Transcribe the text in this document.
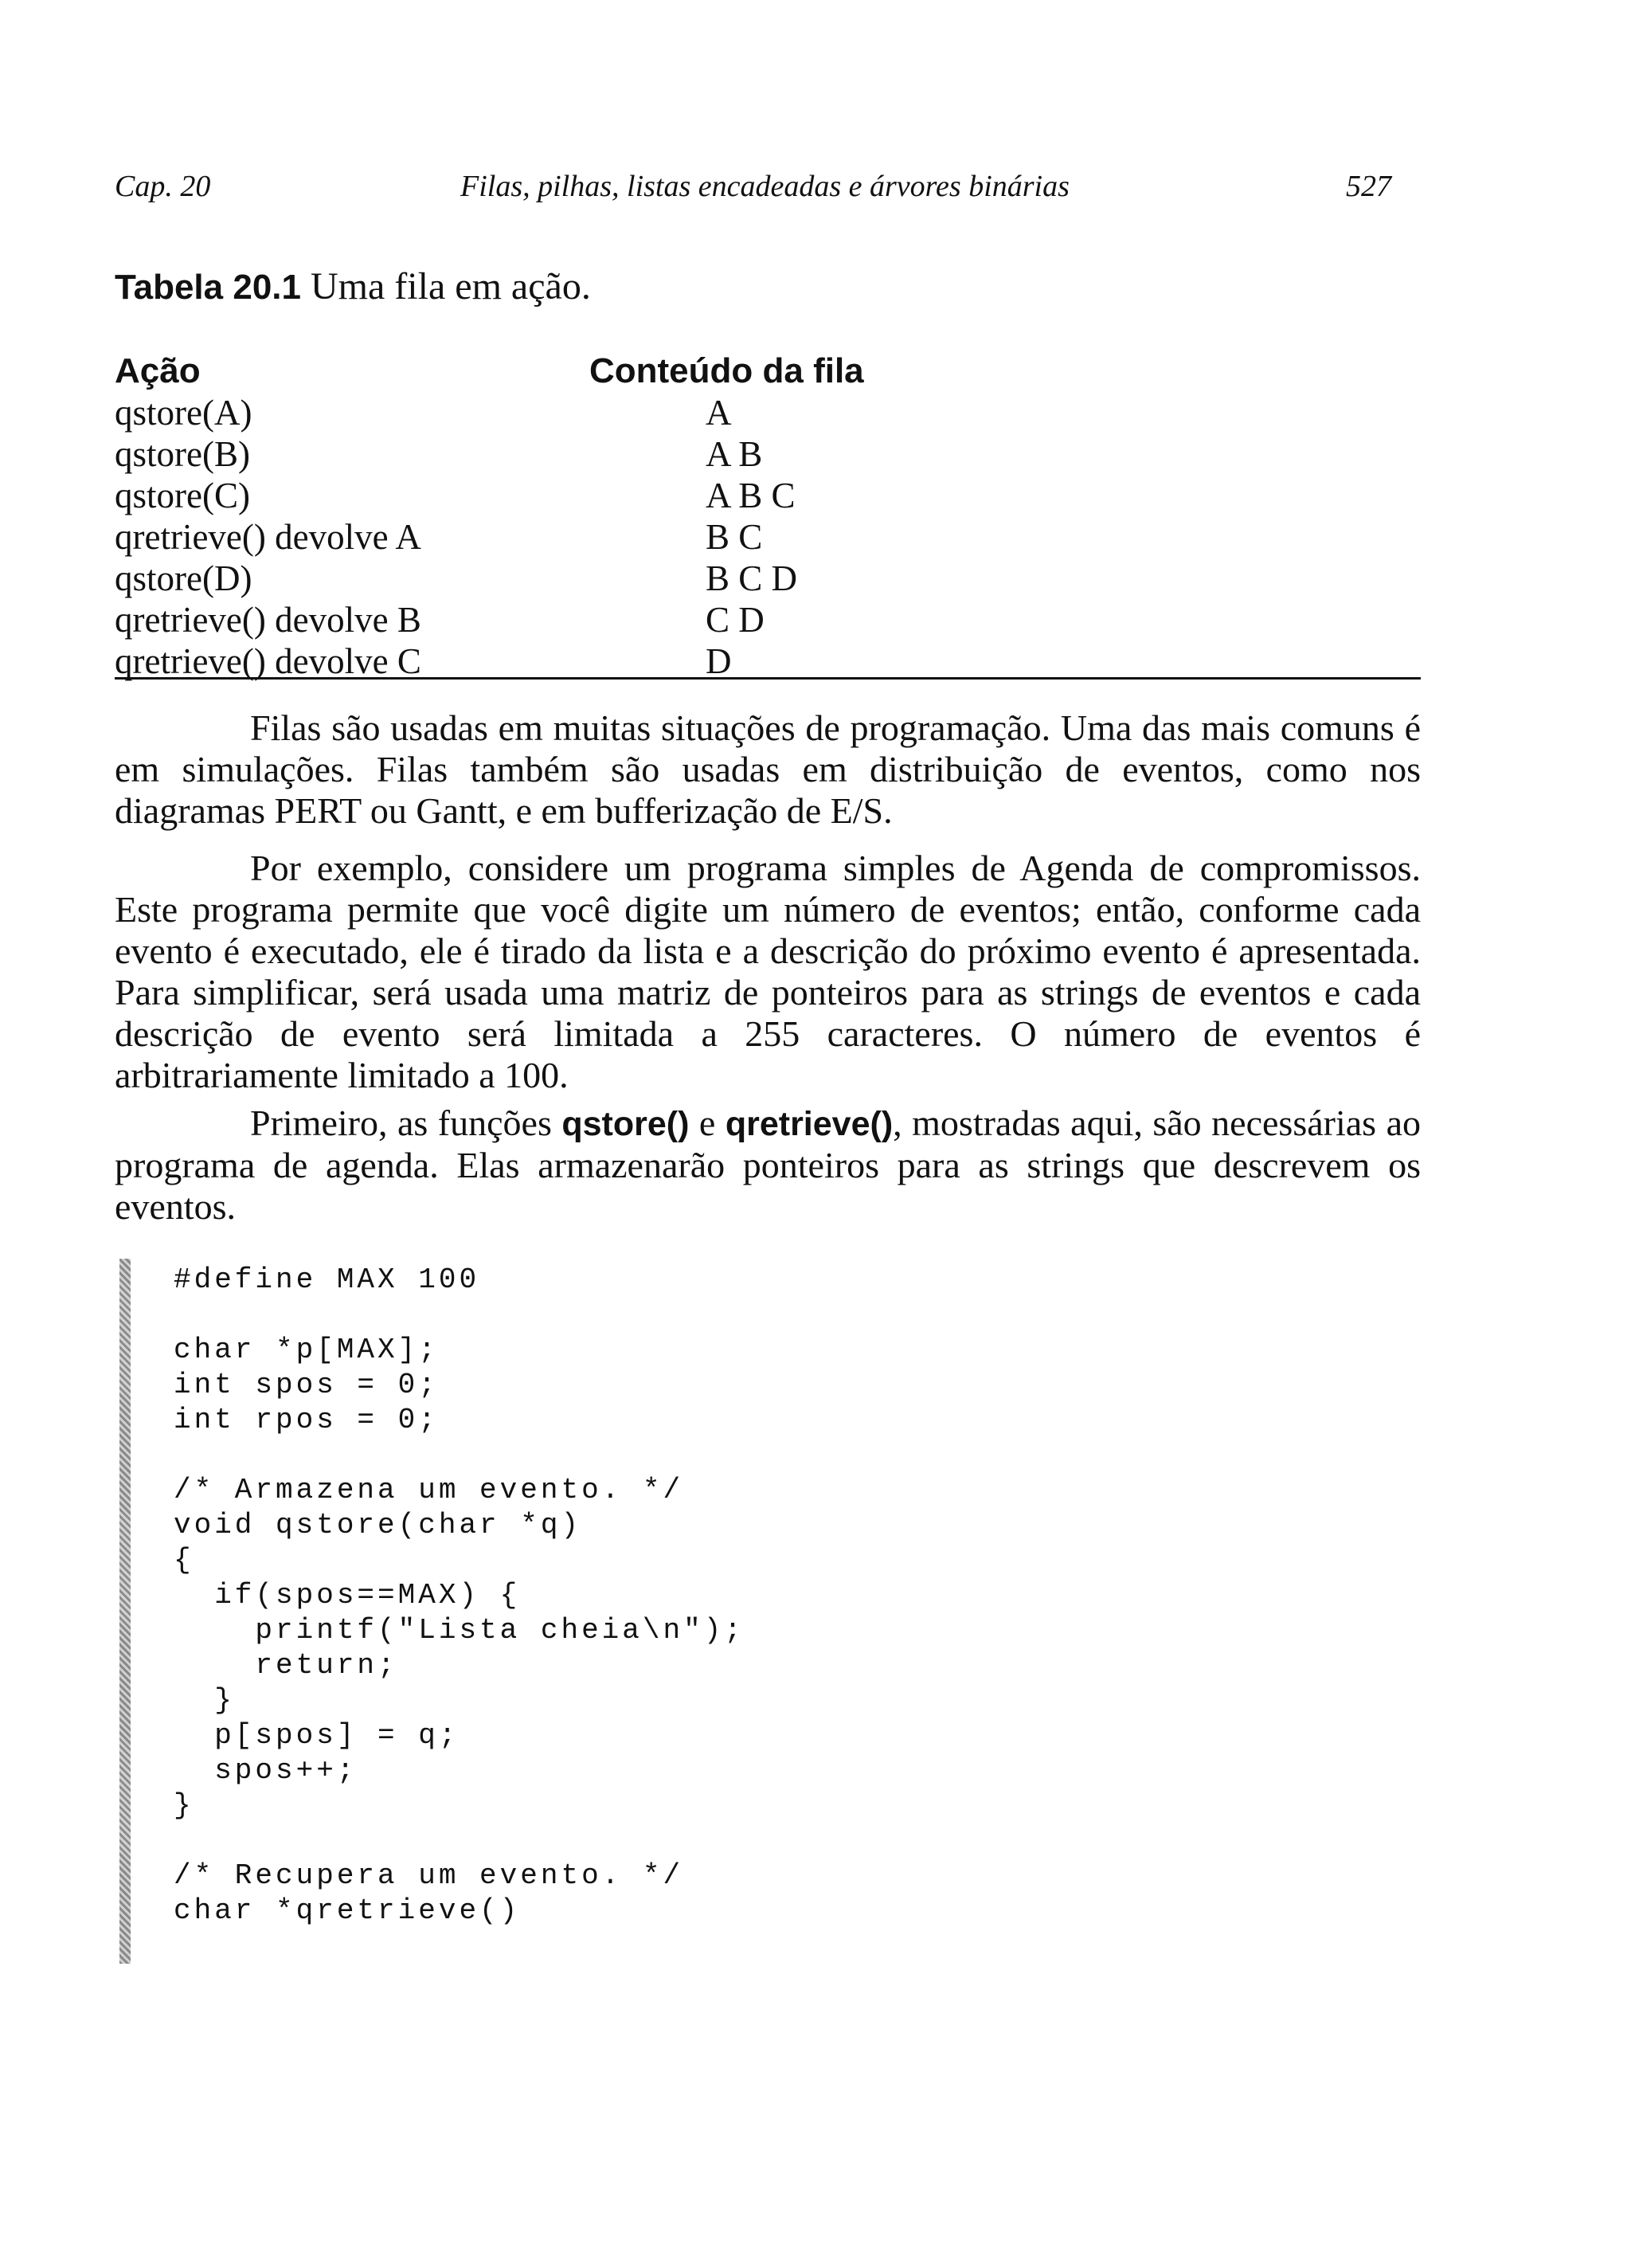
Cap. 20	Filas, pilhas, listas encadeadas e árvores binárias	527
Tabela 20.1 Uma fila em ação.
Ação	Conteúdo da fila
qstore(A)	A
qstore(B)	A B
qstore(C)	A B C
qretrieve() devolve A	B C
qstore(D)	B C D
qretrieve() devolve B	C D
qretrieve() devolve C	D

Filas são usadas em muitas situações de programação. Uma das mais comuns é em simulações. Filas também são usadas em distribuição de eventos, como nos diagramas PERT ou Gantt, e em bufferização de E/S.

Por exemplo, considere um programa simples de Agenda de compromissos. Este programa permite que você digite um número de eventos; então, conforme cada evento é executado, ele é tirado da lista e a descrição do próximo evento é apresentada. Para simplificar, será usada uma matriz de ponteiros para as strings de eventos e cada descrição de evento será limitada a 255 caracteres. O número de eventos é arbitrariamente limitado a 100.

Primeiro, as funções qstore() e qretrieve(), mostradas aqui, são necessárias ao programa de agenda. Elas armazenarão ponteiros para as strings que descrevem os eventos.

#define MAX 100
char *p[MAX];
int spos = 0;
int rpos = 0;
/* Armazena um evento. */
void qstore(char *q)
{
if(spos==MAX) {
printf("Lista cheia\n");
return;
}
p[spos] = q;
spos++;
}
/* Recupera um evento. */
char *qretrieve()
